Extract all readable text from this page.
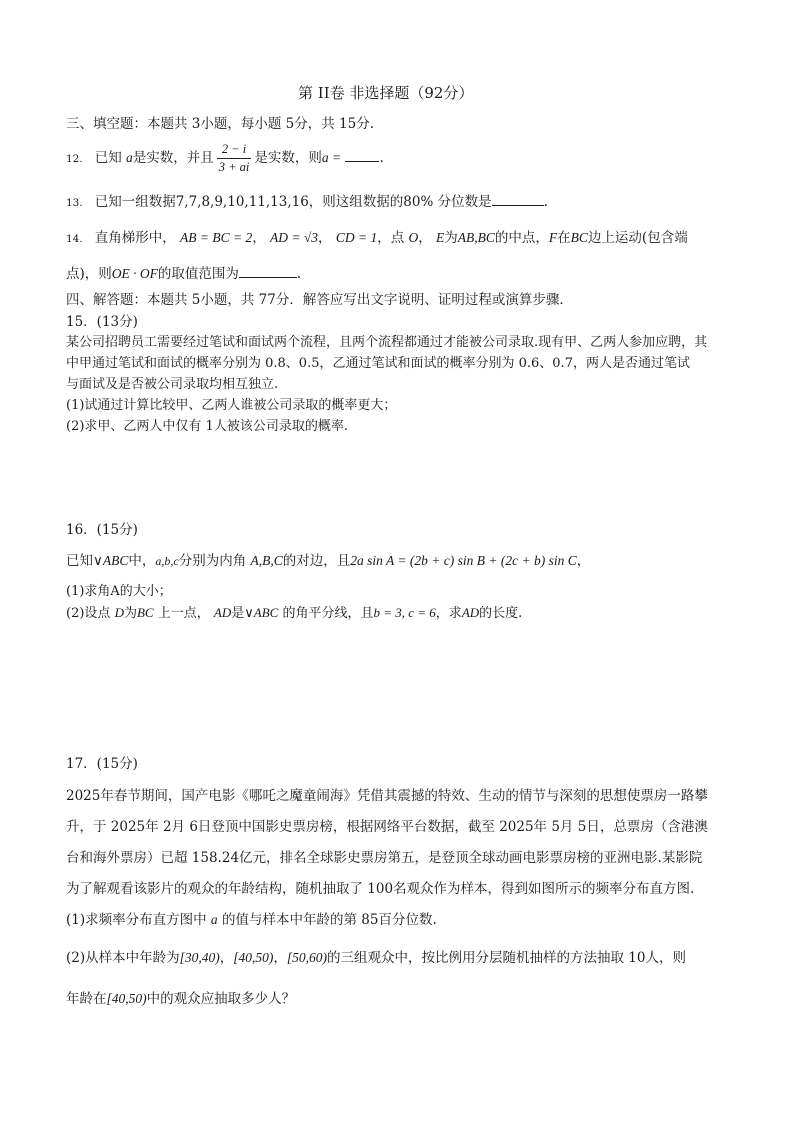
第 II卷 非选择题（92分）
三、填空题：本题共 3小题，每小题 5分，共 15分.
12. 已知 a是实数，并且 $\frac{2 - i}{3 + ai}$ 是实数，则a =	.
13. 已知一组数据7,7,8,9,10,11,13,16，则这组数据的80% 分位数是	.
14. 直角梯形中， AB = BC = 2， AD = √3， CD = 1，点 O， E为AB,BC的中点，F在BC边上运动(包含端
点)，则OE · OF的取值范围为	.
四、解答题：本题共 5小题，共 77分．解答应写出文字说明、证明过程或演算步骤．
15．(13分)
某公司招聘员工需要经过笔试和面试两个流程，且两个流程都通过才能被公司录取.现有甲、乙两人参加应聘，其
中甲通过笔试和面试的概率分别为 0.8、0.5，乙通过笔试和面试的概率分别为 0.6、0.7，两人是否通过笔试
与面试及是否被公司录取均相互独立.
(1)试通过计算比较甲、乙两人谁被公司录取的概率更大；
(2)求甲、乙两人中仅有 1人被该公司录取的概率.
16．(15分)
已知∨ABC中，a,b,c分别为内角 A,B,C的对边，且2a sin A = (2b + c) sin B + (2c + b) sin C，
(1)求角A的大小；
(2)设点 D为BC 上一点， AD是∨ABC 的角平分线，且b = 3, c = 6，求AD的长度.
17．(15分)
2025年春节期间，国产电影《哪吒之魔童闹海》凭借其震撼的特效、生动的情节与深刻的思想使票房一路攀
升，于 2025年 2月 6日登顶中国影史票房榜，根据网络平台数据，截至 2025年 5月 5日，总票房（含港澳
台和海外票房）已超 158.24亿元，排名全球影史票房第五，是登顶全球动画电影票房榜的亚洲电影.某影院
为了解观看该影片的观众的年龄结构，随机抽取了 100名观众作为样本，得到如图所示的频率分布直方图.
(1)求频率分布直方图中 a 的值与样本中年龄的第 85百分位数.
(2)从样本中年龄为[30,40)，[40,50)，[50,60)的三组观众中，按比例用分层随机抽样的方法抽取 10人，则
年龄在[40,50)中的观众应抽取多少人？
